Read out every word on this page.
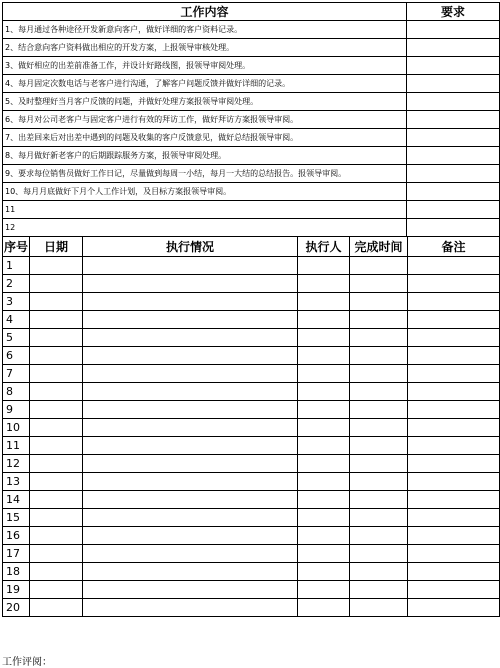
工作内容	要求
1、每月通过各种途径开发新意向客户，做好详细的客户资料记录。	
2、结合意向客户资料做出相应的开发方案，上报领导审核处理。	
3、做好相应的出差前准备工作，并设计好路线图，报领导审阅处理。	
4、每月固定次数电话与老客户进行沟通，了解客户问题反馈并做好详细的记录。	
5、及时整理好当月客户反馈的问题，并做好处理方案报领导审阅处理。	
6、每月对公司老客户与固定客户进行有效的拜访工作，做好拜访方案报领导审阅。	
7、出差回来后对出差中遇到的问题及收集的客户反馈意见，做好总结报领导审阅。	
8、每月做好新老客户的后期跟踪服务方案，报领导审阅处理。	
9、要求每位销售员做好工作日记，尽量做到每周一小结，每月一大结的总结报告。报领导审阅。	
10、每月月底做好下月个人工作计划，及目标方案报领导审阅。	
11	
12	
序号	日期	执行情况	执行人	完成时间	备注
1					
2					
3					
4					
5					
6					
7					
8					
9					
10					
11					
12					
13					
14					
15					
16					
17					
18					
19					
20					
工作评阅：
